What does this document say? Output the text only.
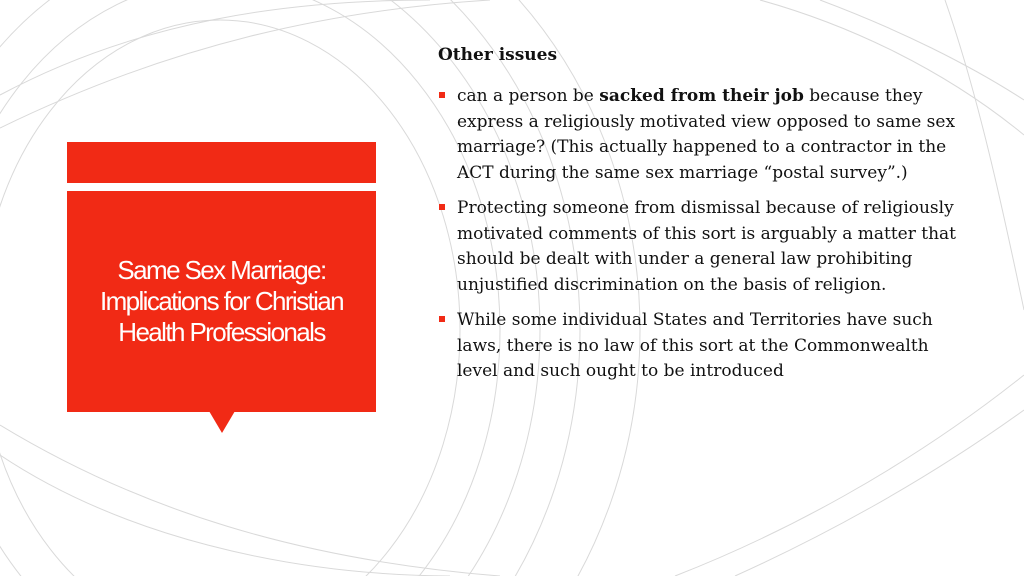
Same Sex Marriage: Implications for Christian Health Professionals
Other issues
can a person be sacked from their job because they express a religiously motivated view opposed to same sex marriage? (This actually happened to a contractor in the ACT during the same sex marriage “postal survey”.)
Protecting someone from dismissal because of religiously motivated comments of this sort is arguably a matter that should be dealt with under a general law prohibiting unjustified discrimination on the basis of religion.
While some individual States and Territories have such laws, there is no law of this sort at the Commonwealth level and such ought to be introduced
